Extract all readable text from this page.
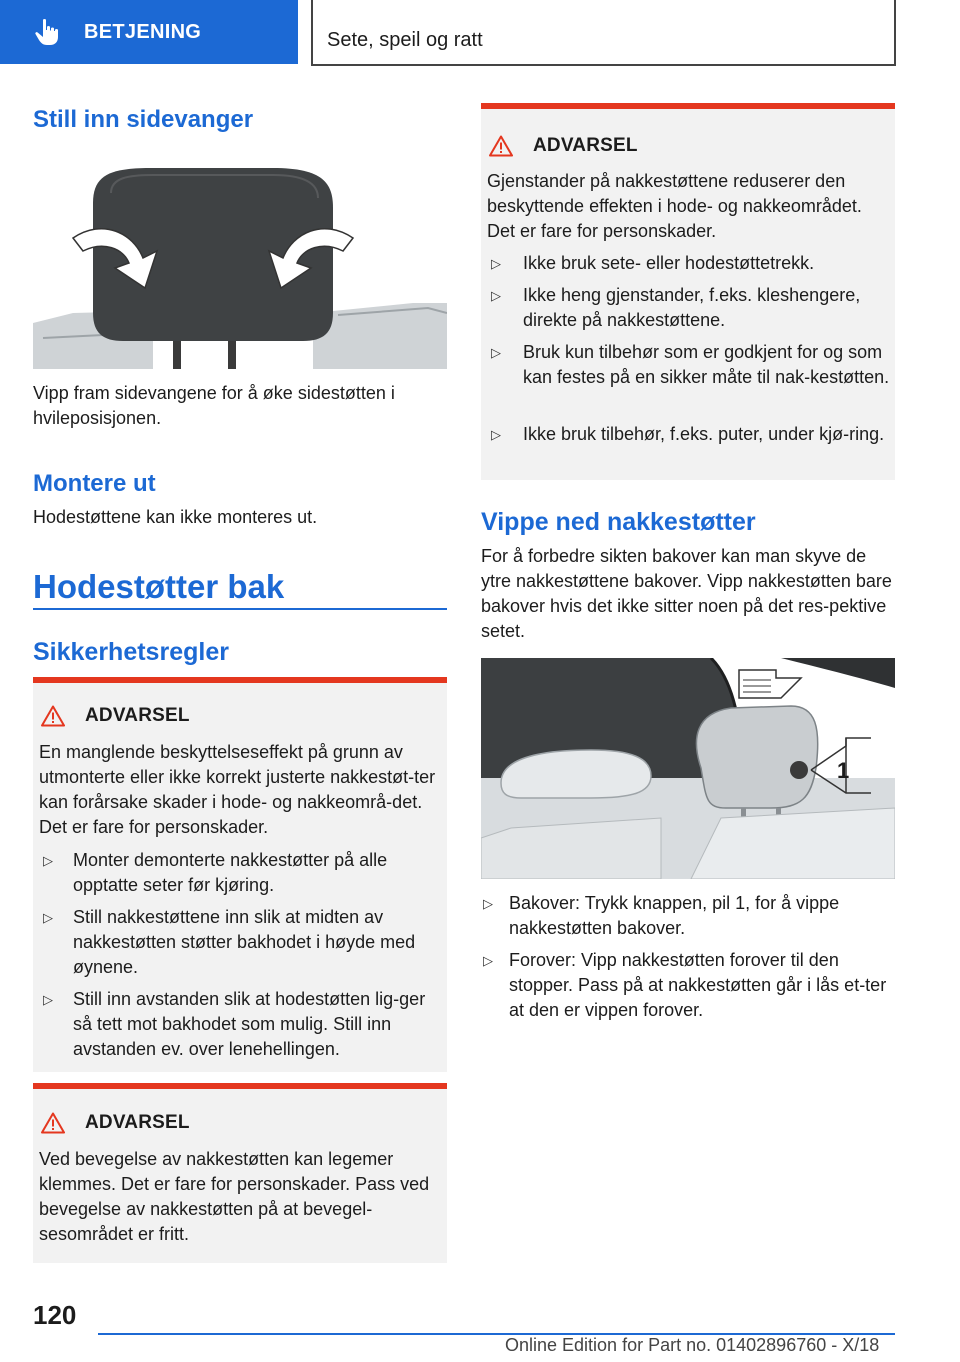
BETJENING	Sete, speil og ratt
Still inn sidevanger
Vipp fram sidevangene for å øke sidestøtten i hvileposisjonen.
Montere ut
Hodestøttene kan ikke monteres ut.
Hodestøtter bak
Sikkerhetsregler
ADVARSEL
En manglende beskyttelseseffekt på grunn av utmonterte eller ikke korrekt justerte nakkestøt-ter kan forårsake skader i hode- og nakkeområ-det. Det er fare for personskader.
▷	Monter demonterte nakkestøtter på alle opptatte seter før kjøring.
▷	Still nakkestøttene inn slik at midten av nakkestøtten støtter bakhodet i høyde med øynene.
▷	Still inn avstanden slik at hodestøtten lig-ger så tett mot bakhodet som mulig. Still inn avstanden ev. over lenehellingen.
ADVARSEL
Ved bevegelse av nakkestøtten kan legemer klemmes. Det er fare for personskader. Pass ved bevegelse av nakkestøtten på at bevegel-sesområdet er fritt.
ADVARSEL
Gjenstander på nakkestøttene reduserer den beskyttende effekten i hode- og nakkeområdet. Det er fare for personskader.
▷	Ikke bruk sete- eller hodestøttetrekk.
▷	Ikke heng gjenstander, f.eks. kleshengere, direkte på nakkestøttene.
▷	Bruk kun tilbehør som er godkjent for og som kan festes på en sikker måte til nak-kestøtten.
▷	Ikke bruk tilbehør, f.eks. puter, under kjø-ring.
Vippe ned nakkestøtter
For å forbedre sikten bakover kan man skyve de ytre nakkestøttene bakover. Vipp nakkestøtten bare bakover hvis det ikke sitter noen på det res-pektive setet.
1
▷ Bakover: Trykk knappen, pil 1, for å vippe nakkestøtten bakover.
▷ Forover: Vipp nakkestøtten forover til den stopper. Pass på at nakkestøtten går i lås et-ter at den er vippen forover.
120
Online Edition for Part no. 01402896760 - X/18
